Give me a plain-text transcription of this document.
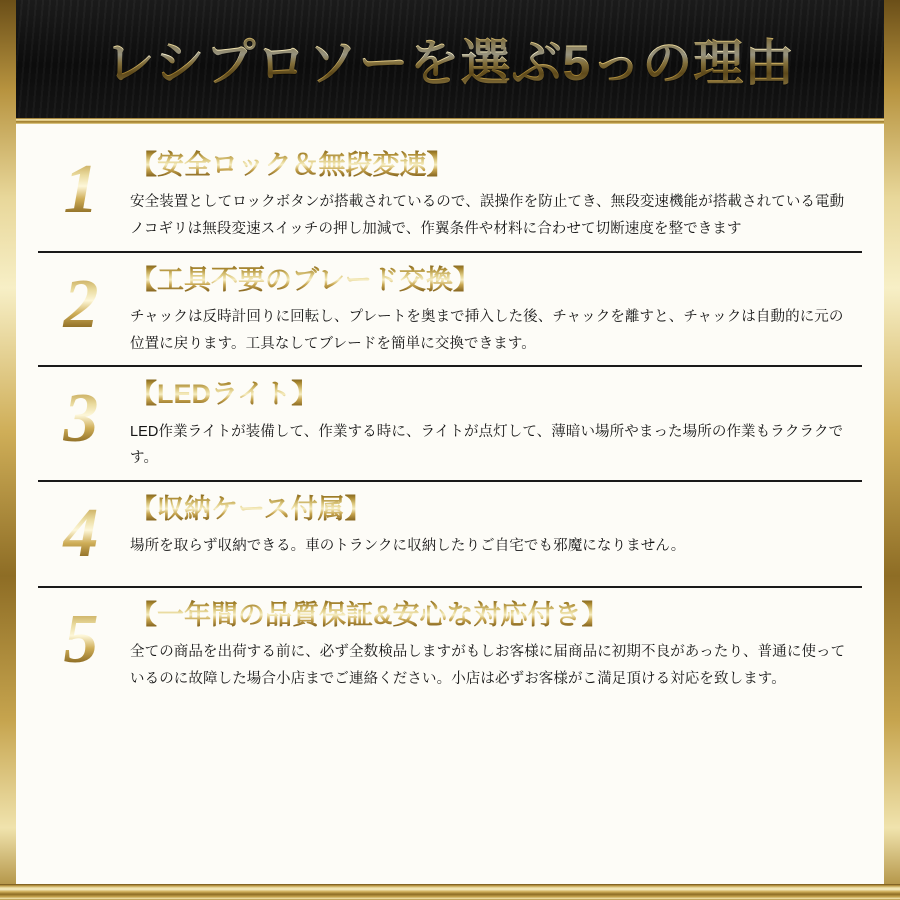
レシプロソーを選ぶ5っの理由
1	【安全ロック＆無段変速】
安全装置としてロックボタンが搭載されているので、誤操作を防止てき、無段変速機能が搭載されている電動ノコギリは無段変速スイッチの押し加減で、作翼条件や材料に合わせて切断速度を整できます
2	【工具不要のブレード交換】
チャックは反時計回りに回転し、プレートを奥まで挿入した後、チャックを離すと、チャックは自動的に元の位置に戻ります。工具なしてブレードを簡単に交換できます。
3	【LEDライト】
LED作業ライトが装備して、作業する時に、ライトが点灯して、薄暗い場所やまった場所の作業もラクラクです。
4	【収納ケース付属】
場所を取らず収納できる。車のトランクに収納したりご自宅でも邪魔になりません。
5	【一年間の品質保証&安心な対応付き】
全ての商品を出荷する前に、必ず全数検品しますがもしお客様に届商品に初期不良があったり、普通に使っているのに故障した場合小店までご連絡ください。小店は必ずお客様がこ満足頂ける対応を致します。
